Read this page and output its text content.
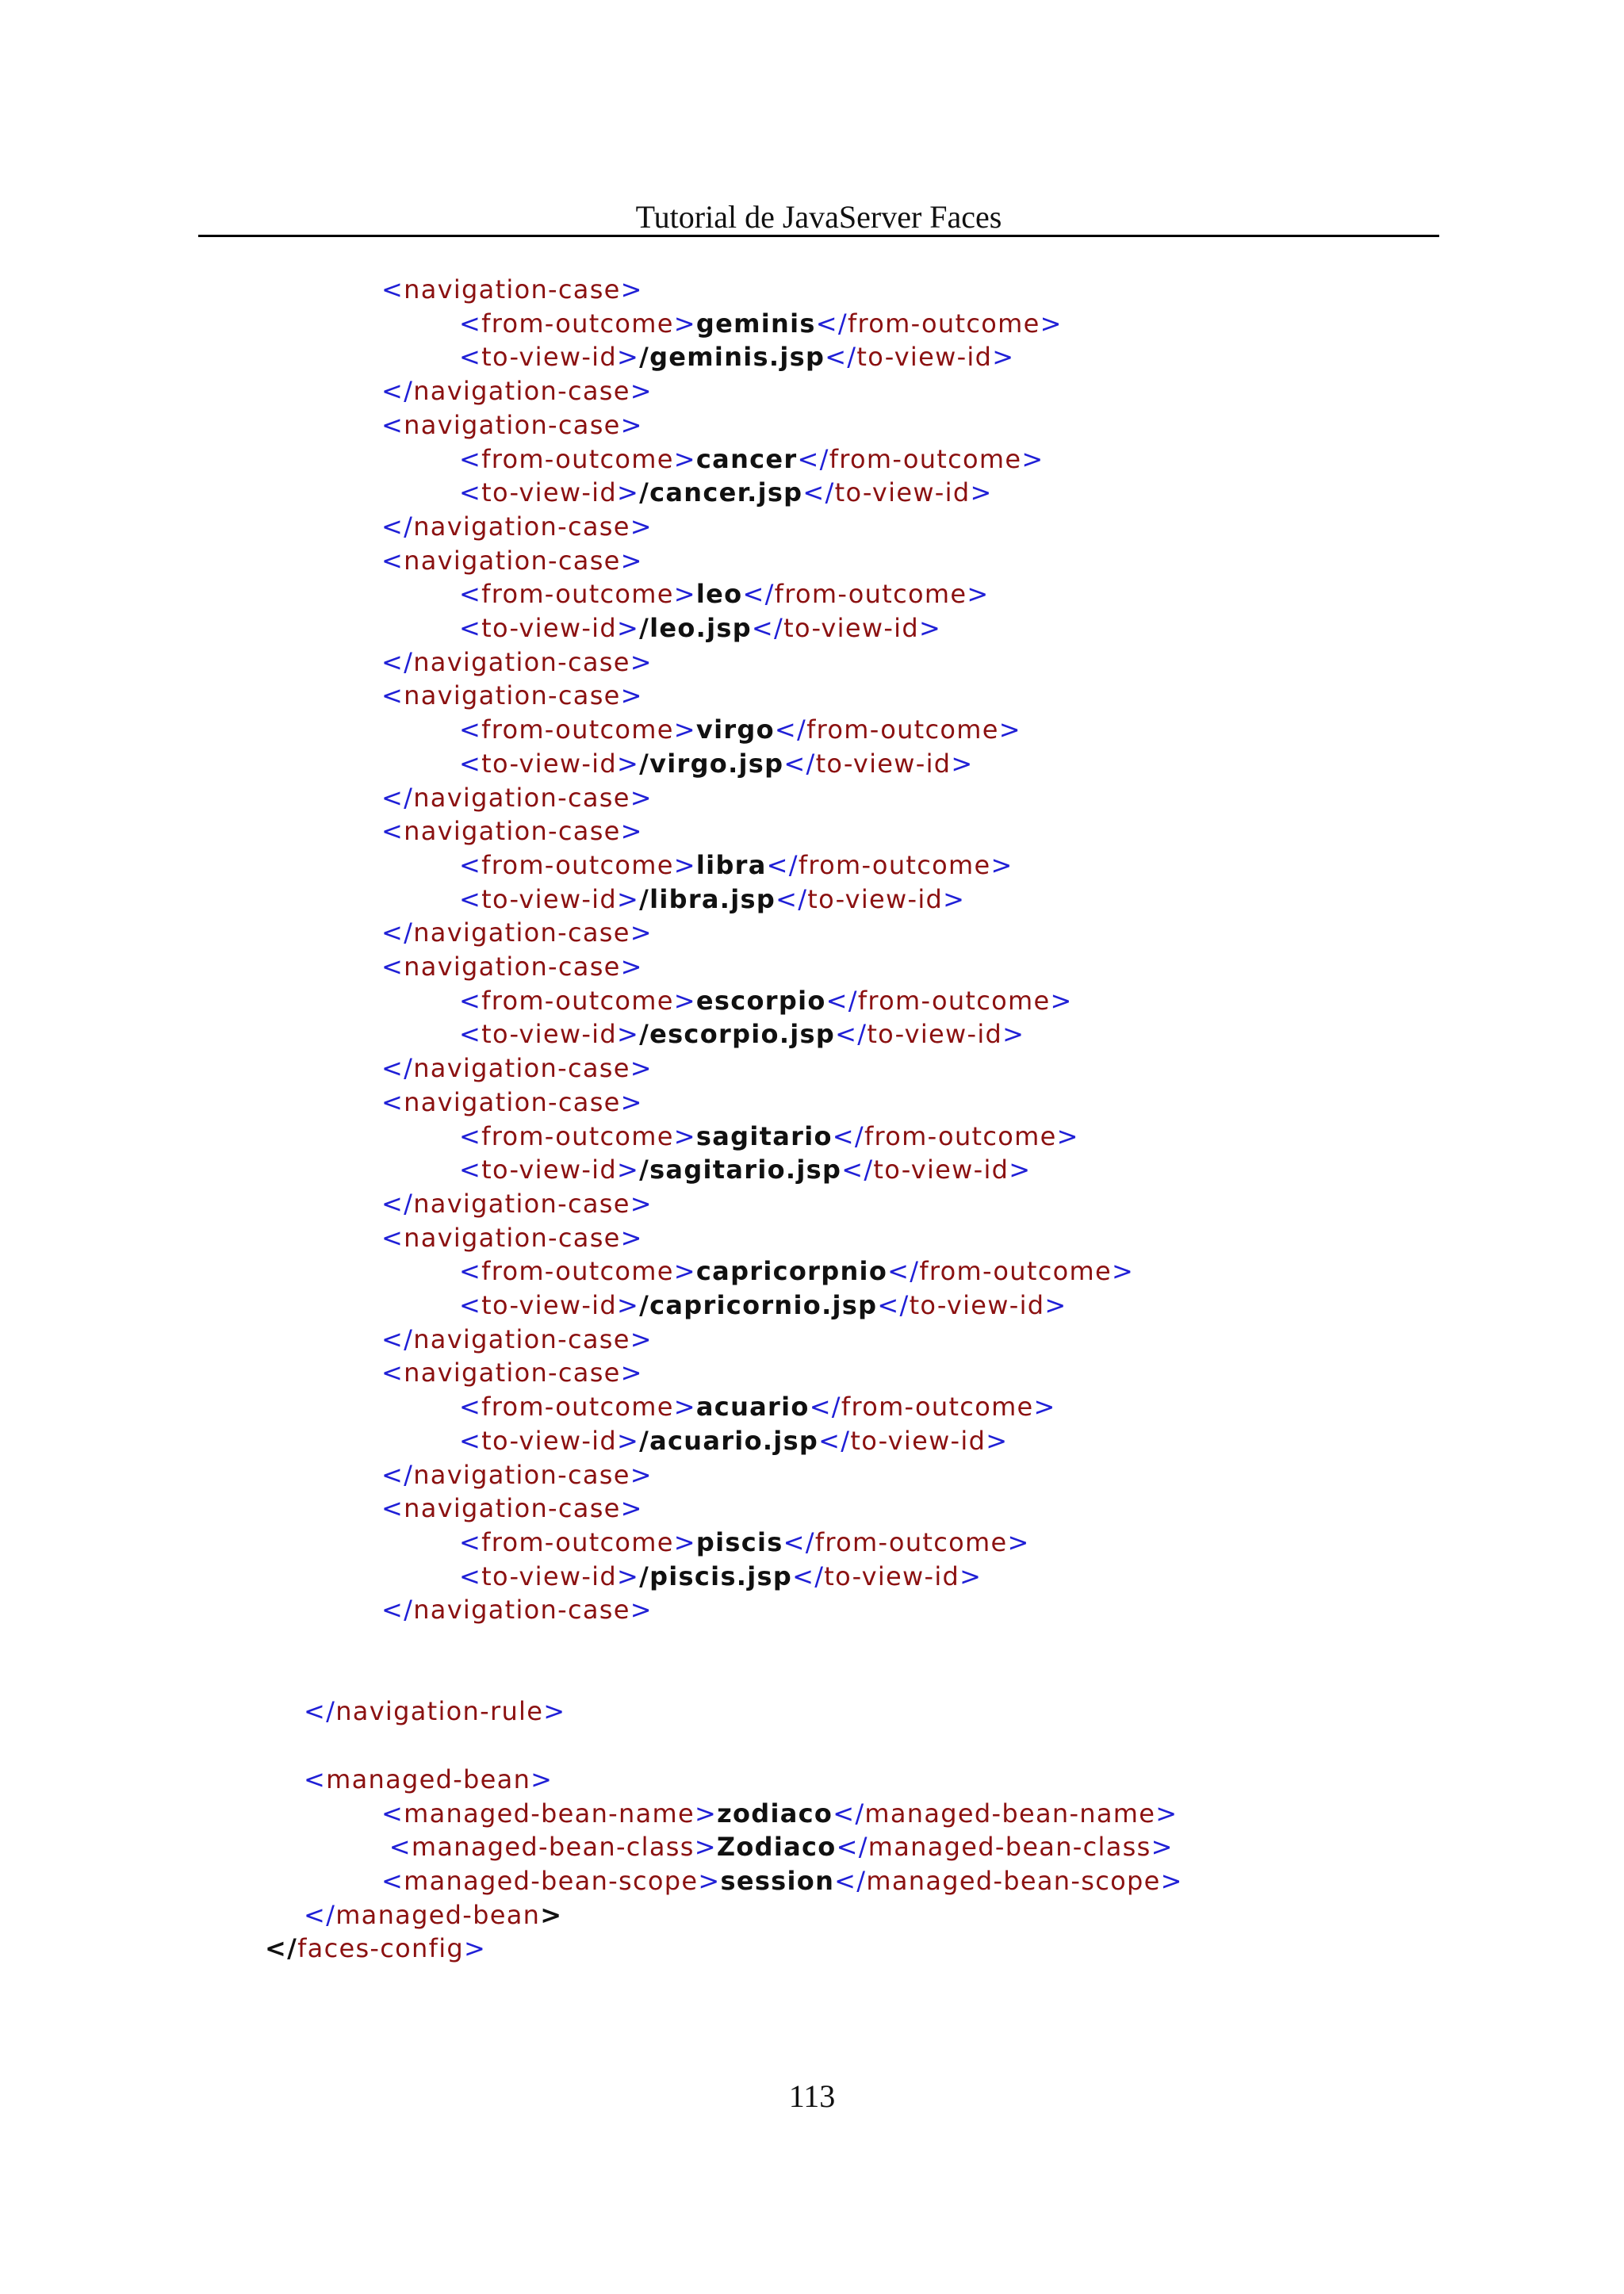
Tutorial de JavaServer Faces
<navigation-case>
<from-outcome>geminis</from-outcome>
<to-view-id>/geminis.jsp</to-view-id>
</navigation-case>
<navigation-case>
<from-outcome>cancer</from-outcome>
<to-view-id>/cancer.jsp</to-view-id>
</navigation-case>
<navigation-case>
<from-outcome>leo</from-outcome>
<to-view-id>/leo.jsp</to-view-id>
</navigation-case>
<navigation-case>
<from-outcome>virgo</from-outcome>
<to-view-id>/virgo.jsp</to-view-id>
</navigation-case>
<navigation-case>
<from-outcome>libra</from-outcome>
<to-view-id>/libra.jsp</to-view-id>
</navigation-case>
<navigation-case>
<from-outcome>escorpio</from-outcome>
<to-view-id>/escorpio.jsp</to-view-id>
</navigation-case>
<navigation-case>
<from-outcome>sagitario</from-outcome>
<to-view-id>/sagitario.jsp</to-view-id>
</navigation-case>
<navigation-case>
<from-outcome>capricorpnio</from-outcome>
<to-view-id>/capricornio.jsp</to-view-id>
</navigation-case>
<navigation-case>
<from-outcome>acuario</from-outcome>
<to-view-id>/acuario.jsp</to-view-id>
</navigation-case>
<navigation-case>
<from-outcome>piscis</from-outcome>
<to-view-id>/piscis.jsp</to-view-id>
</navigation-case>
</navigation-rule>
<managed-bean>
<managed-bean-name>zodiaco</managed-bean-name>
<managed-bean-class>Zodiaco</managed-bean-class>
<managed-bean-scope>session</managed-bean-scope>
</managed-bean>
</faces-config>
113
